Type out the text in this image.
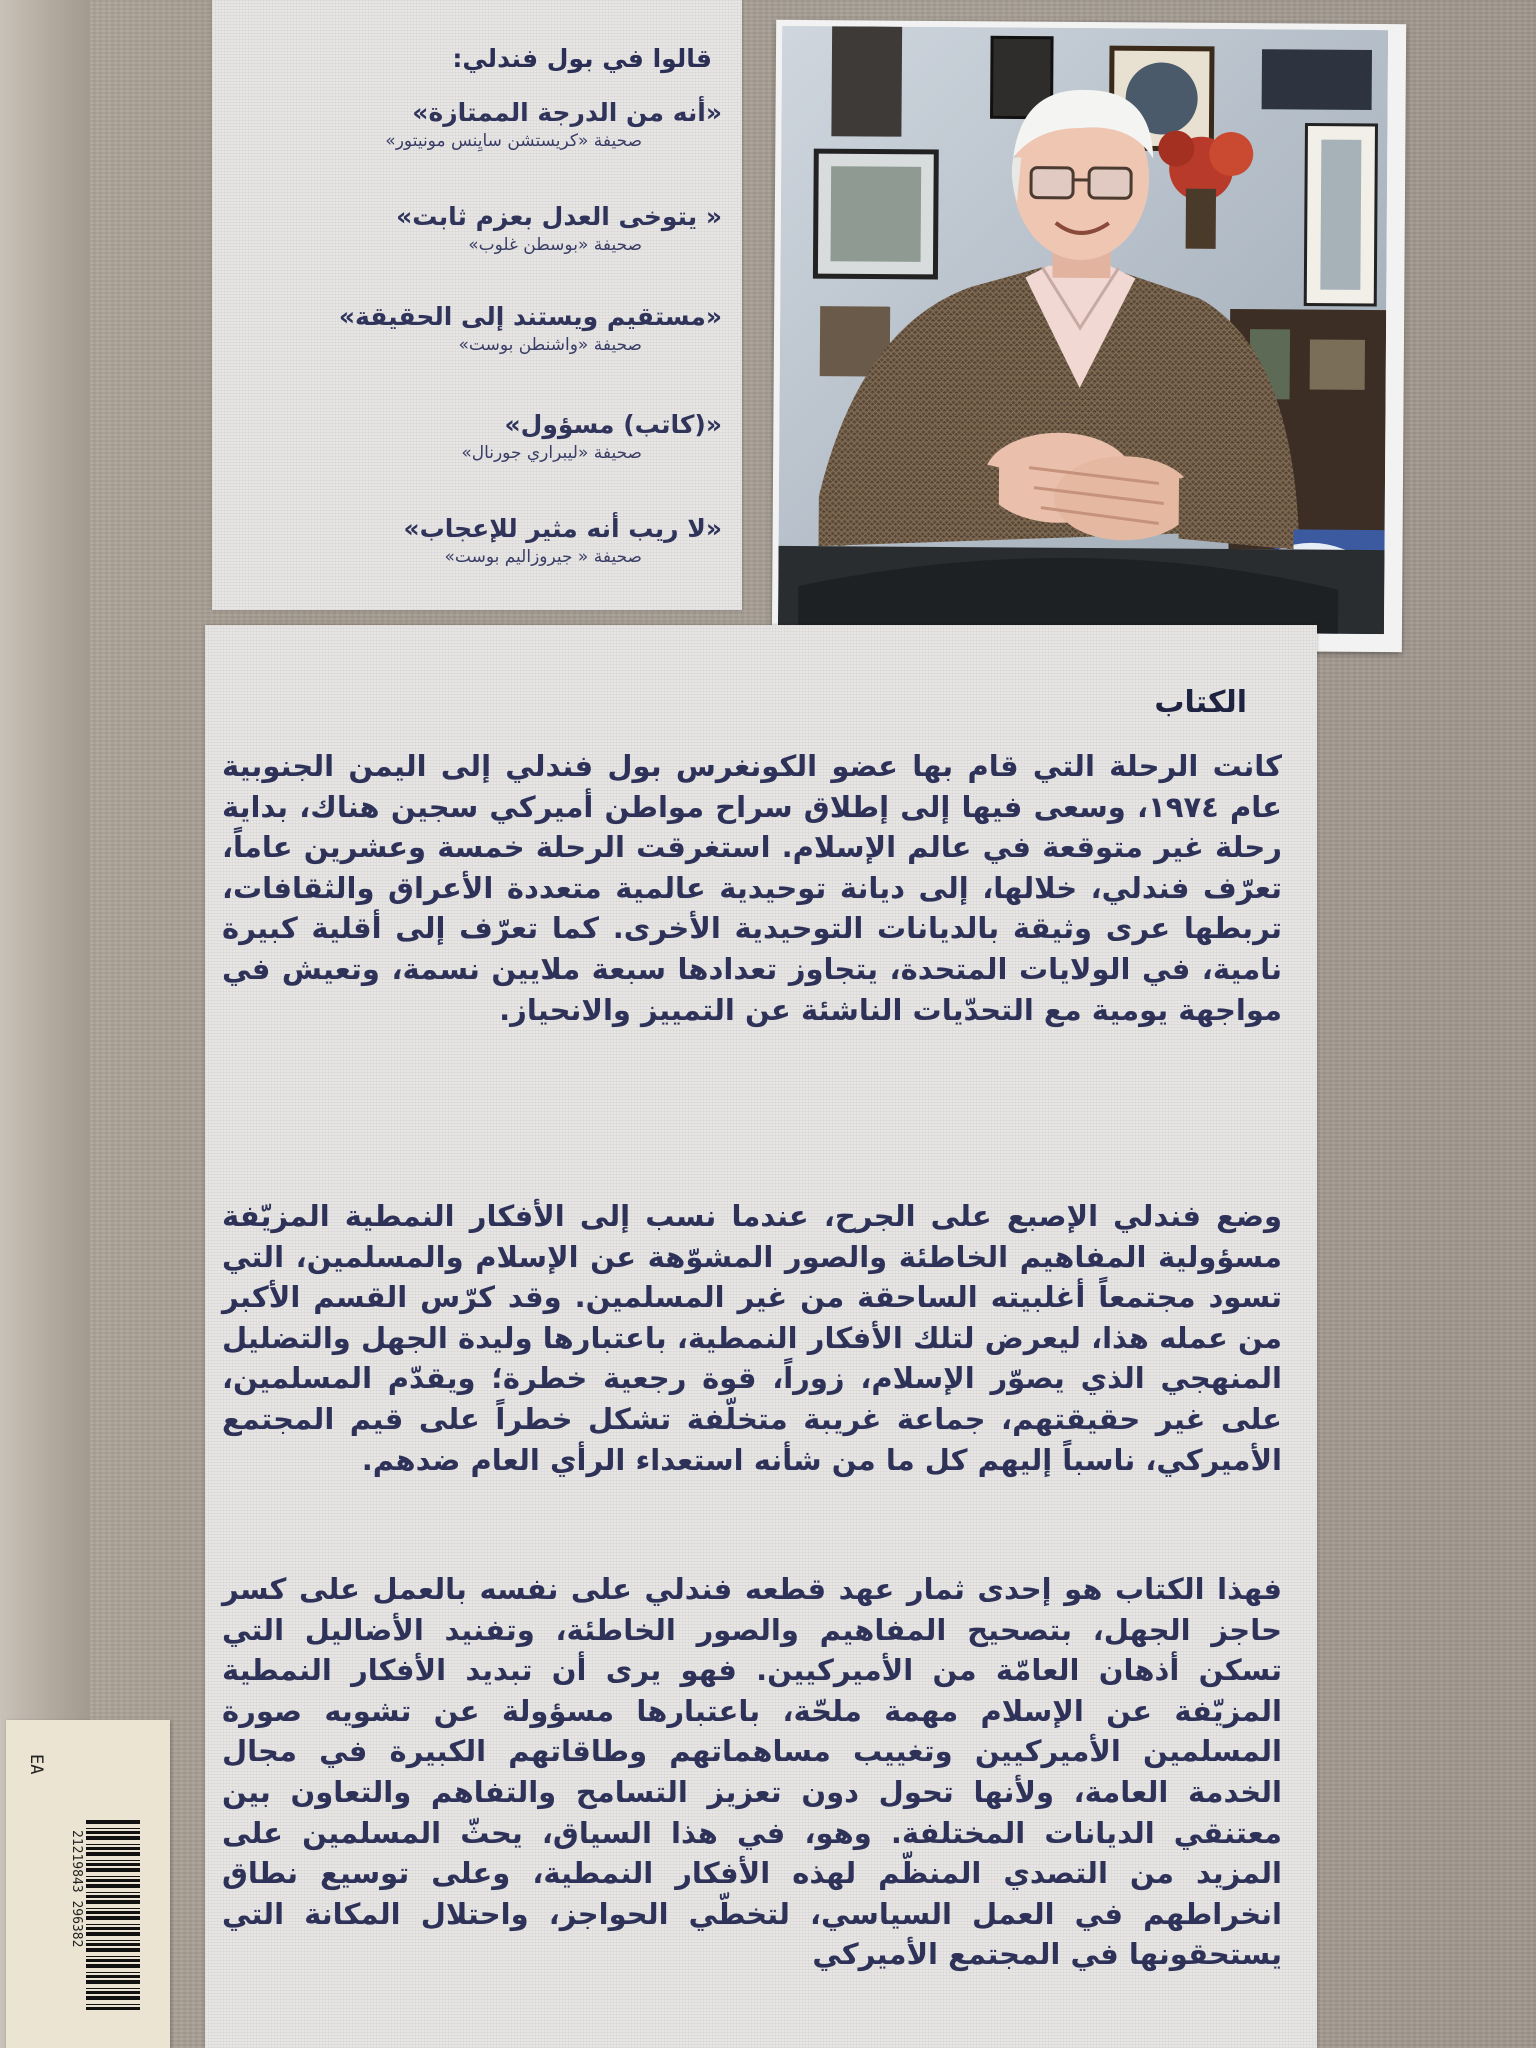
قالوا في بول فندلي:
«أنه من الدرجة الممتازة»
صحيفة «كريستشن سايِنس مونيتور»
« يتوخى العدل بعزم ثابت»
صحيفة «بوسطن غلوب»
«مستقيم ويستند إلى الحقيقة»
صحيفة «واشنطن بوست»
«(كاتب) مسؤول»
صحيفة «ليبراري جورنال»
«لا ريب أنه مثير للإعجاب»
صحيفة « جيروزاليم بوست»
الكتاب

كانت الرحلة التي قام بها عضو الكونغرس بول فندلي إلى اليمن الجنوبية عام ١٩٧٤، وسعى فيها إلى إطلاق سراح مواطن أميركي سجين هناك، بداية رحلة غير متوقعة في عالم الإسلام. استغرقت الرحلة خمسة وعشرين عاماً، تعرّف فندلي، خلالها، إلى ديانة توحيدية عالمية متعددة الأعراق والثقافات، تربطها عرى وثيقة بالديانات التوحيدية الأخرى. كما تعرّف إلى أقلية كبيرة نامية، في الولايات المتحدة، يتجاوز تعدادها سبعة ملايين نسمة، وتعيش في مواجهة يومية مع التحدّيات الناشئة عن التمييز والانحياز.

وضع فندلي الإصبع على الجرح، عندما نسب إلى الأفكار النمطية المزيّفة مسؤولية المفاهيم الخاطئة والصور المشوّهة عن الإسلام والمسلمين، التي تسود مجتمعاً أغلبيته الساحقة من غير المسلمين. وقد كرّس القسم الأكبر من عمله هذا، ليعرض لتلك الأفكار النمطية، باعتبارها وليدة الجهل والتضليل المنهجي الذي يصوّر الإسلام، زوراً، قوة رجعية خطرة؛ ويقدّم المسلمين، على غير حقيقتهم، جماعة غريبة متخلّفة تشكل خطراً على قيم المجتمع الأميركي، ناسباً إليهم كل ما من شأنه استعداء الرأي العام ضدهم.

فهذا الكتاب هو إحدى ثمار عهد قطعه فندلي على نفسه بالعمل على كسر حاجز الجهل، بتصحيح المفاهيم والصور الخاطئة، وتفنيد الأضاليل التي تسكن أذهان العامّة من الأميركيين. فهو يرى أن تبديد الأفكار النمطية المزيّفة عن الإسلام مهمة ملحّة، باعتبارها مسؤولة عن تشويه صورة المسلمين الأميركيين وتغييب مساهماتهم وطاقاتهم الكبيرة في مجال الخدمة العامة، ولأنها تحول دون تعزيز التسامح والتفاهم والتعاون بين معتنقي الديانات المختلفة. وهو، في هذا السياق، يحثّ المسلمين على المزيد من التصدي المنظّم لهذه الأفكار النمطية، وعلى توسيع نطاق انخراطهم في العمل السياسي، لتخطّي الحواجز، واحتلال المكانة التي يستحقونها في المجتمع الأميركي

EA
21219843 296382
